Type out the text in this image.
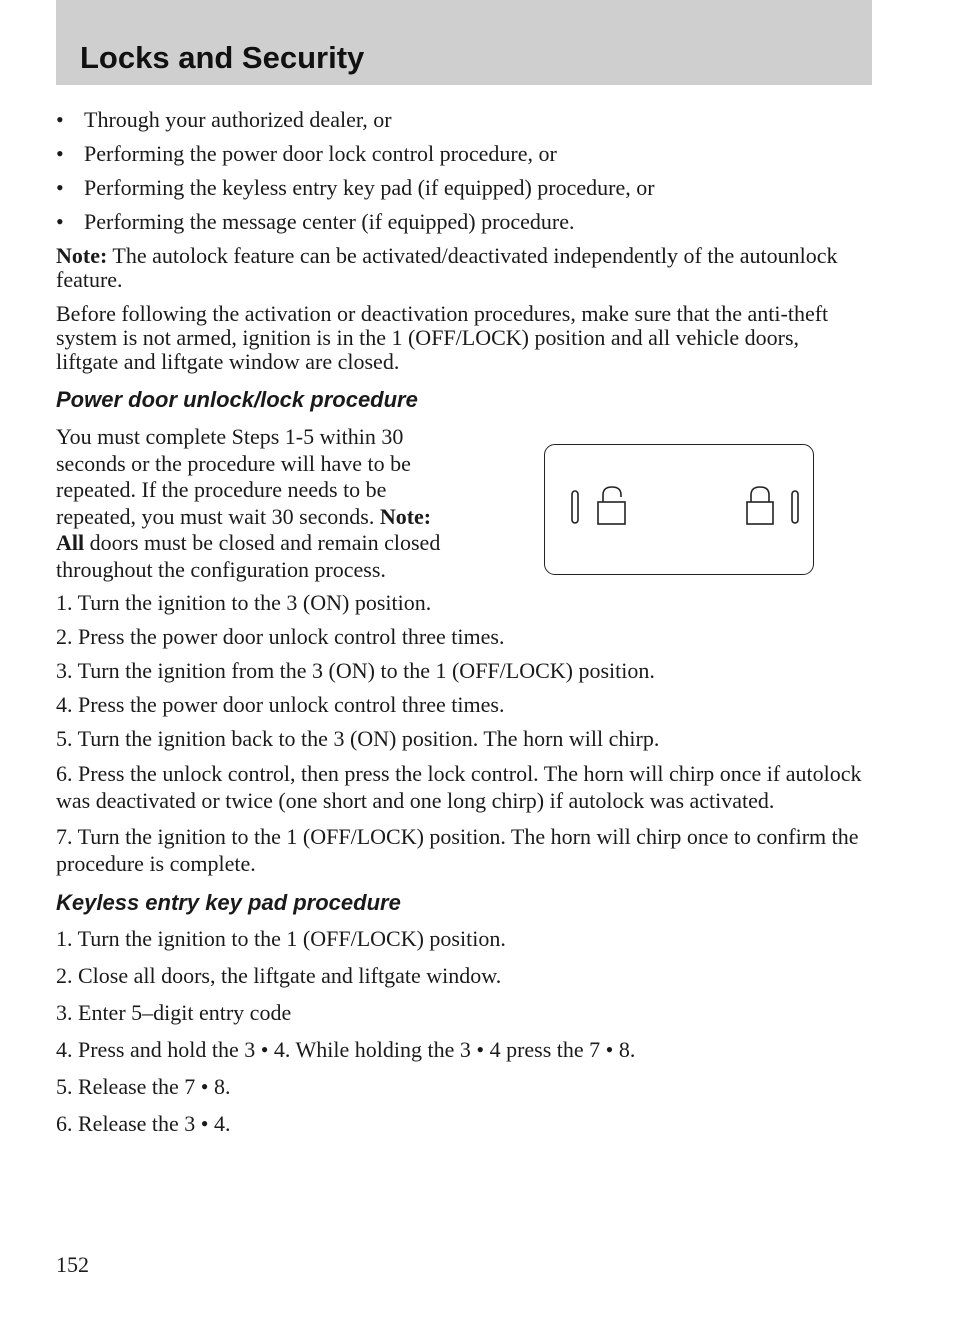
Locks and Security
• Through your authorized dealer, or
• Performing the power door lock control procedure, or
• Performing the keyless entry key pad (if equipped) procedure, or
• Performing the message center (if equipped) procedure.

Note: The autolock feature can be activated/deactivated independently of the autounlock feature.

Before following the activation or deactivation procedures, make sure that the anti-theft system is not armed, ignition is in the 1 (OFF/LOCK) position and all vehicle doors, liftgate and liftgate window are closed.

Power door unlock/lock procedure
You must complete Steps 1-5 within 30 seconds or the procedure will have to be repeated. If the procedure needs to be repeated, you must wait 30 seconds. Note: All doors must be closed and remain closed throughout the configuration process.

1. Turn the ignition to the 3 (ON) position.

2. Press the power door unlock control three times.

3. Turn the ignition from the 3 (ON) to the 1 (OFF/LOCK) position.

4. Press the power door unlock control three times.

5. Turn the ignition back to the 3 (ON) position. The horn will chirp.

6. Press the unlock control, then press the lock control. The horn will chirp once if autolock was deactivated or twice (one short and one long chirp) if autolock was activated.

7. Turn the ignition to the 1 (OFF/LOCK) position. The horn will chirp once to confirm the procedure is complete.

Keyless entry key pad procedure

1. Turn the ignition to the 1 (OFF/LOCK) position.

2. Close all doors, the liftgate and liftgate window.

3. Enter 5–digit entry code

4. Press and hold the 3 • 4. While holding the 3 • 4 press the 7 • 8.

5. Release the 7 • 8.

6. Release the 3 • 4.

152
